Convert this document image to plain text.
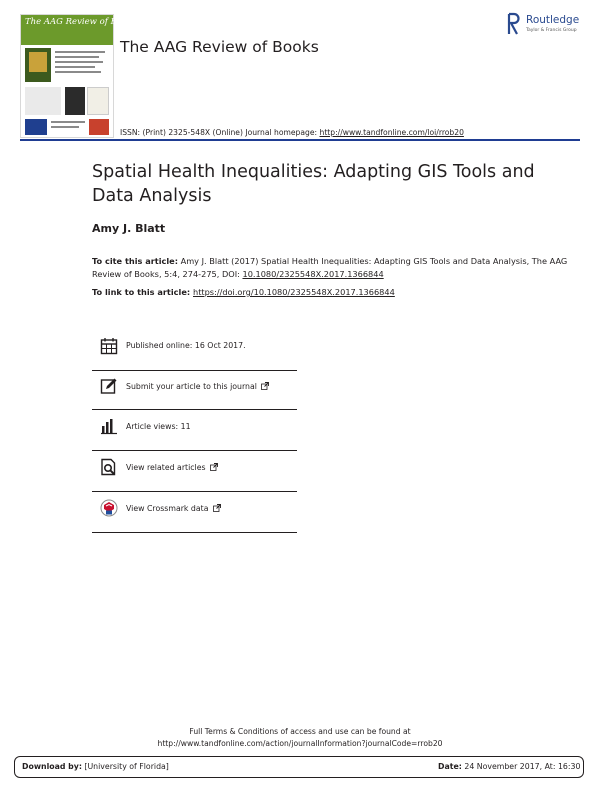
The AAG Review of BOOKS
The AAG Review of Books
Routledge
Taylor & Francis Group
ISSN: (Print) 2325-548X (Online) Journal homepage: http://www.tandfonline.com/loi/rrob20
Spatial Health Inequalities: Adapting GIS Tools and Data Analysis
Amy J. Blatt
To cite this article: Amy J. Blatt (2017) Spatial Health Inequalities: Adapting GIS Tools and Data Analysis, The AAG Review of Books, 5:4, 274-275, DOI: 10.1080/2325548X.2017.1366844
To link to this article: https://doi.org/10.1080/2325548X.2017.1366844
Published online: 16 Oct 2017.
Submit your article to this journal
Article views: 11
View related articles
View Crossmark data
Full Terms & Conditions of access and use can be found at
http://www.tandfonline.com/action/journalInformation?journalCode=rrob20
Download by: [University of Florida]	Date: 24 November 2017, At: 16:30
